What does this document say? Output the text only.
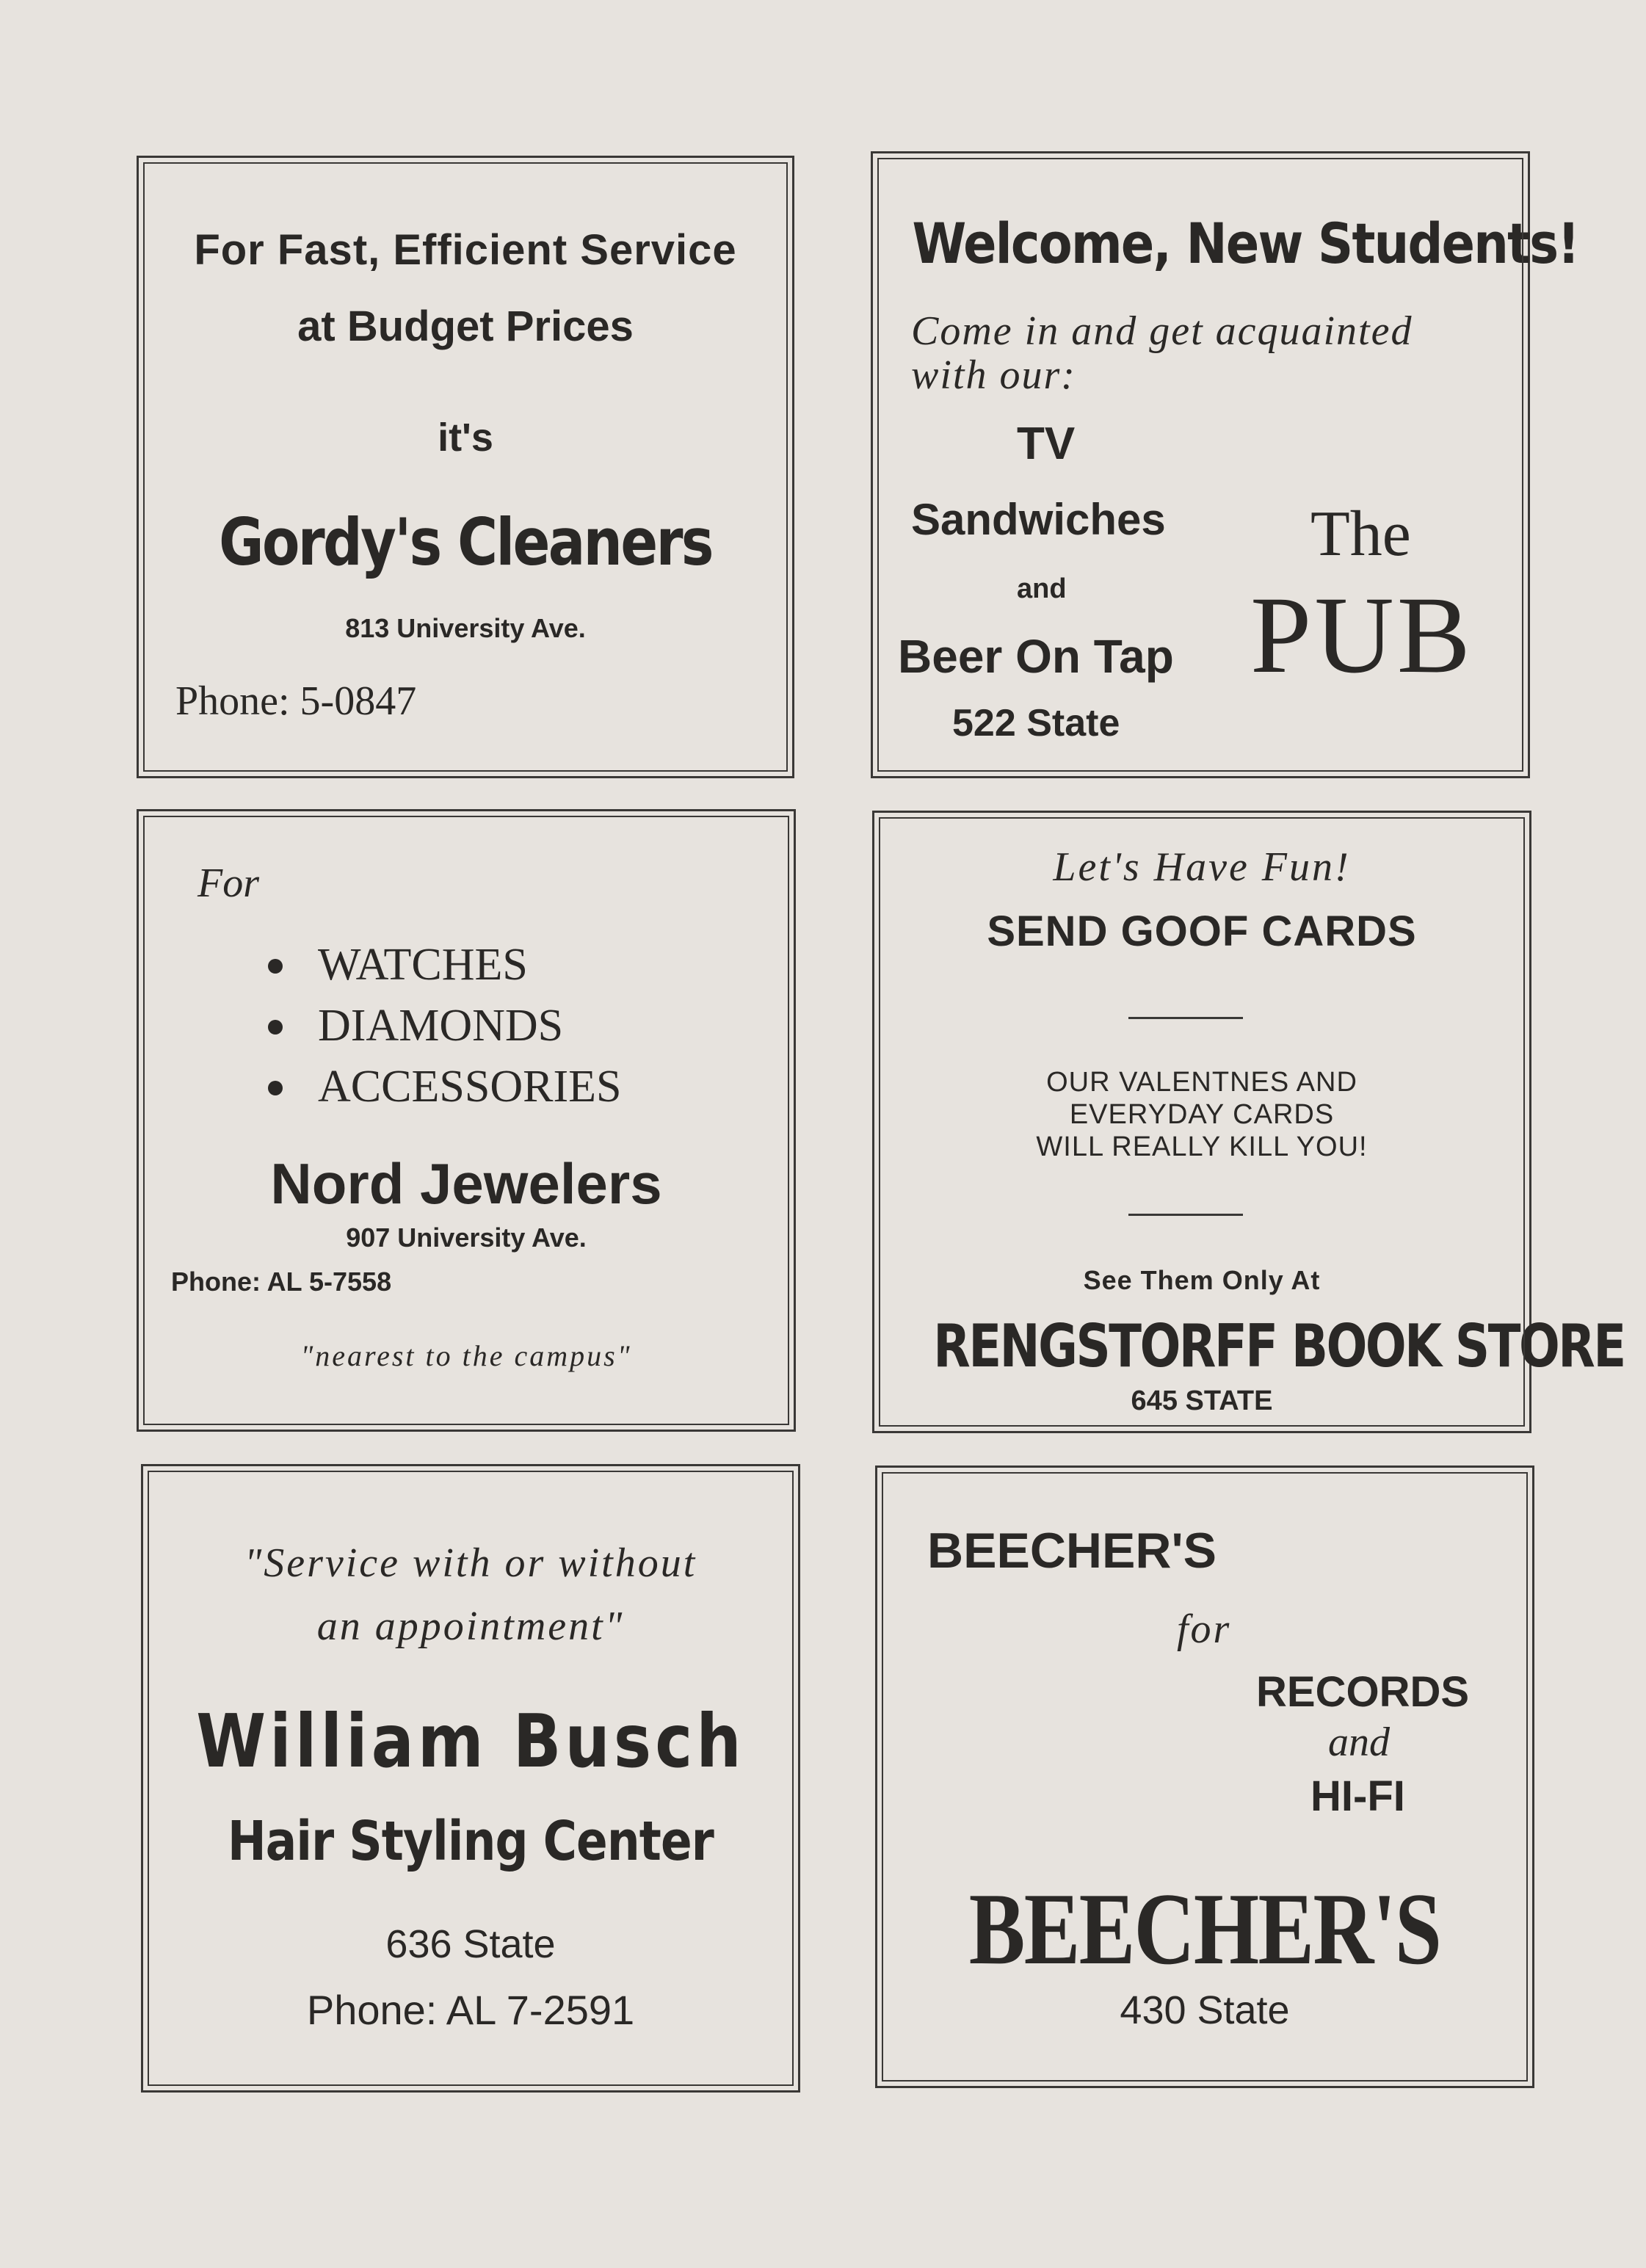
For Fast, Efficient Service

at Budget Prices

it's

Gordy's Cleaners

813 University Ave.

Phone: 5-0847

Welcome, New Students!

Come in and get acquainted

with our:

TV

Sandwiches

and

Beer On Tap

522 State

The

PUB

For

WATCHES

DIAMONDS

ACCESSORIES

Nord Jewelers

907 University Ave.

Phone: AL 5-7558

"nearest to the campus"

Let's Have Fun!

SEND GOOF CARDS

OUR VALENTNES AND

EVERYDAY CARDS

WILL REALLY KILL YOU!

See Them Only At

RENGSTORFF BOOK STORE

645 STATE

"Service with or without

an appointment"

William Busch

Hair Styling Center

636 State

Phone: AL 7-2591

BEECHER'S

for

RECORDS

and

HI-FI

BEECHER'S

430 State
